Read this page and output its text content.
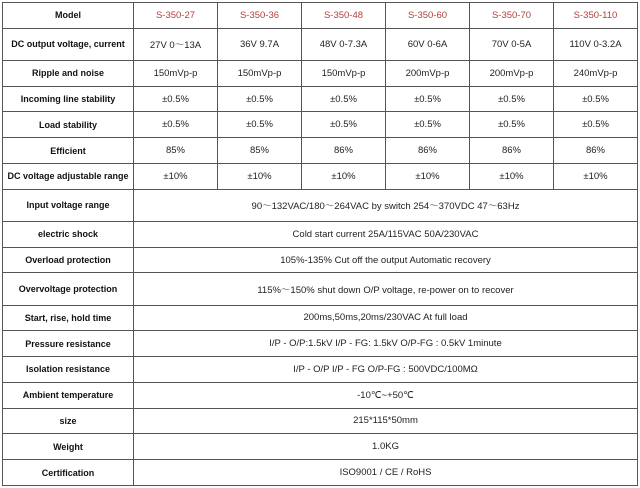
Model	S-350-27	S-350-36	S-350-48	S-350-60	S-350-70	S-350-110
DC output voltage, current	27V 0～13A	36V 9.7A	48V 0-7.3A	60V 0-6A	70V 0-5A	110V 0-3.2A
Ripple and noise	150mVp-p	150mVp-p	150mVp-p	200mVp-p	200mVp-p	240mVp-p
Incoming line stability	±0.5%	±0.5%	±0.5%	±0.5%	±0.5%	±0.5%
Load stability	±0.5%	±0.5%	±0.5%	±0.5%	±0.5%	±0.5%
Efficient	85%	85%	86%	86%	86%	86%
DC voltage adjustable range	±10%	±10%	±10%	±10%	±10%	±10%
Input voltage range	90～132VAC/180～264VAC by switch 254～370VDC 47～63Hz					
electric shock	Cold start current 25A/115VAC 50A/230VAC					
Overload protection	105%-135% Cut off the output Automatic recovery					
Overvoltage protection	115%～150% shut down O/P voltage, re-power on to recover					
Start, rise, hold time	200ms,50ms,20ms/230VAC At full load					
Pressure resistance	I/P - O/P:1.5kV I/P - FG: 1.5kV O/P-FG : 0.5kV 1minute					
Isolation resistance	I/P - O/P I/P - FG O/P-FG : 500VDC/100MΩ					
Ambient temperature	-10℃~+50℃					
size	215*115*50mm					
Weight	1.0KG					
Certification	ISO9001 / CE / RoHS					
